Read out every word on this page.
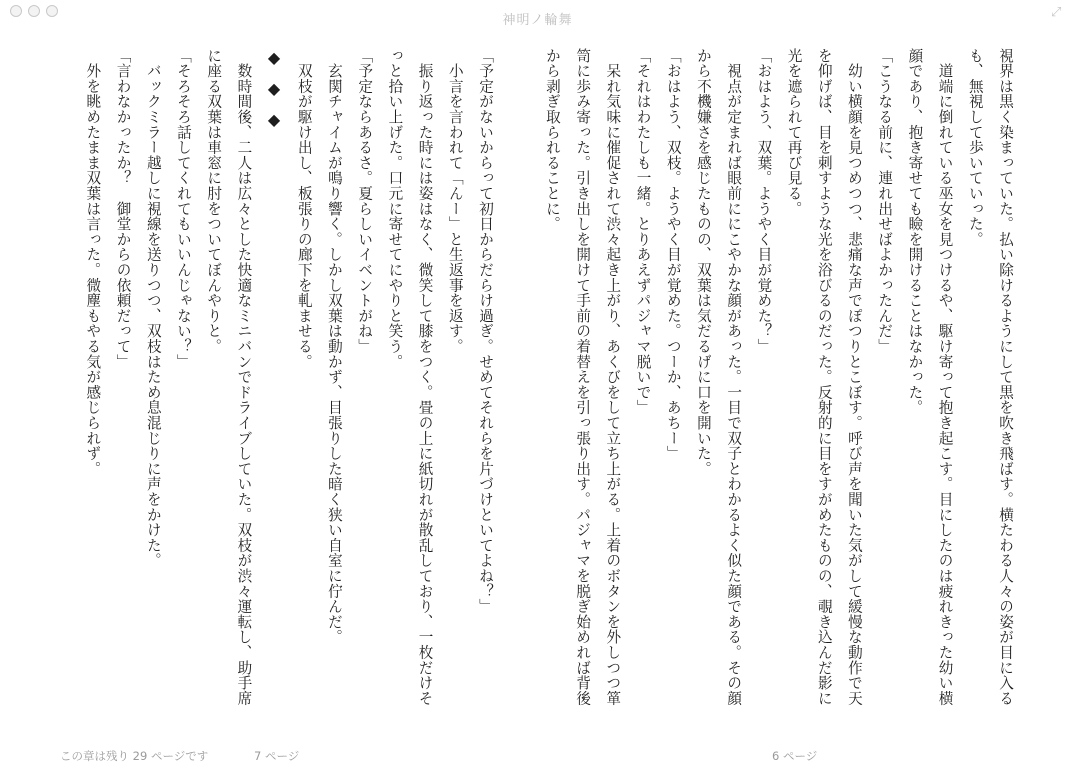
神明ノ輪舞
⤢

視界は黒く染まっていた。払い除けるようにして黒を吹き飛ばす。横たわる人々の姿が目に入るも、無視して歩いていった。

　道端に倒れている巫女を見つけるや、駆け寄って抱き起こす。目にしたのは疲れきった幼い横顔であり、抱き寄せても瞼を開けることはなかった。

「こうなる前に、連れ出せばよかったんだ」

　幼い横顔を見つめつつ、悲痛な声でぽつりとこぼす。呼び声を聞いた気がして緩慢な動作で天を仰げば、目を刺すような光を浴びるのだった。反射的に目をすがめたものの、覗き込んだ影に光を遮られて再び見る。

「おはよう、双葉。ようやく目が覚めた？」

　視点が定まれば眼前ににこやかな顔があった。一目で双子とわかるよく似た顔である。その顔から不機嫌さを感じたものの、双葉は気だるげに口を開いた。

「おはよう、双枝。ようやく目が覚めた。つーか、あちー」

「それはわたしも一緒。とりあえずパジャマ脱いで」

　呆れ気味に催促されて渋々起き上がり、あくびをして立ち上がる。上着のボタンを外しつつ箪笥に歩み寄った。引き出しを開けて手前の着替えを引っ張り出す。パジャマを脱ぎ始めれば背後から剥ぎ取られることに。

「予定がないからって初日からだらけ過ぎ。せめてそれらを片づけといてよね？」

　小言を言われて「んー」と生返事を返す。

　振り返った時には姿はなく、微笑して膝をつく。畳の上に紙切れが散乱しており、一枚だけそっと拾い上げた。口元に寄せてにやりと笑う。

「予定ならあるさ。夏らしいイベントがね」

　玄関チャイムが鳴り響く。しかし双葉は動かず、目張りした暗く狭い自室に佇んだ。

　双枝が駆け出し、板張りの廊下を軋ませる。

◆◆◆

　数時間後、二人は広々とした快適なミニバンでドライブしていた。双枝が渋々運転し、助手席に座る双葉は車窓に肘をついてぼんやりと。

「そろそろ話してくれてもいいんじゃない？」

　バックミラー越しに視線を送りつつ、双枝はため息混じりに声をかけた。

「言わなかったか？　御堂からの依頼だって」

　外を眺めたまま双葉は言った。微塵もやる気が感じられず。

この章は残り 29 ページです	7 ページ	6 ページ
